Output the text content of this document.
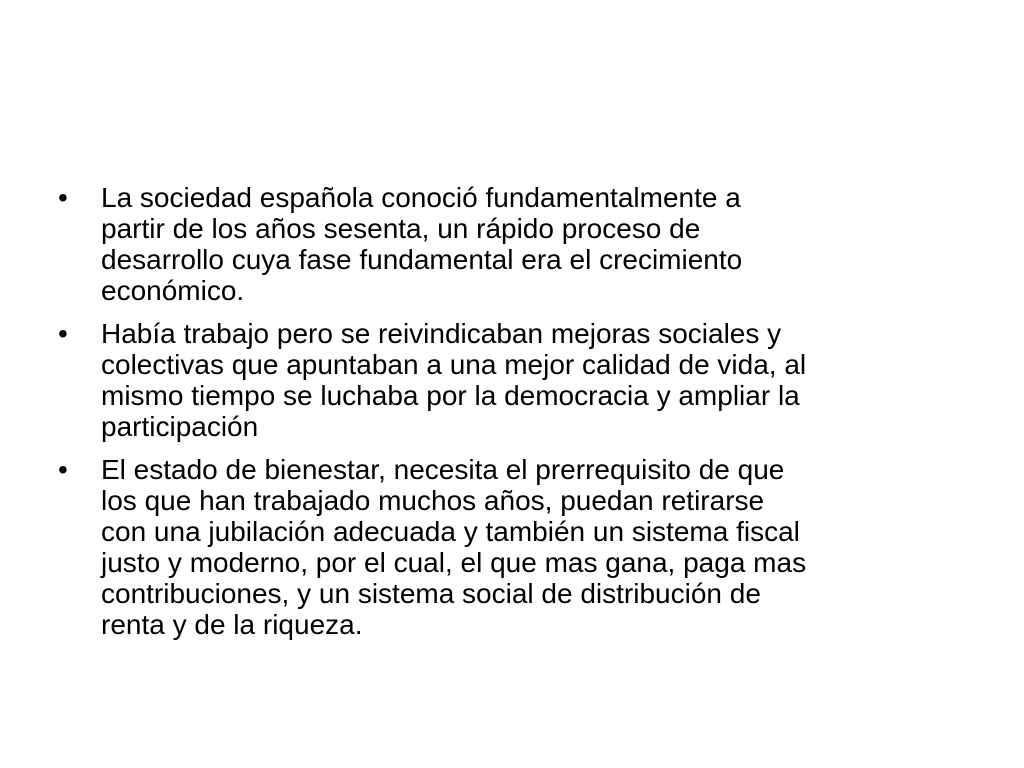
•	La sociedad española conoció fundamentalmente a
partir de los años sesenta, un rápido proceso de
desarrollo cuya fase fundamental era el crecimiento
económico.
•	Había trabajo pero se reivindicaban mejoras sociales y
colectivas que apuntaban a una mejor calidad de vida, al
mismo tiempo se luchaba por la democracia y ampliar la
participación
•	El estado de bienestar, necesita el prerrequisito de que
los que han trabajado muchos años, puedan retirarse
con una jubilación adecuada y también un sistema fiscal
justo y moderno, por el cual, el que mas gana, paga mas
contribuciones, y un sistema social de distribución de
renta y de la riqueza.
